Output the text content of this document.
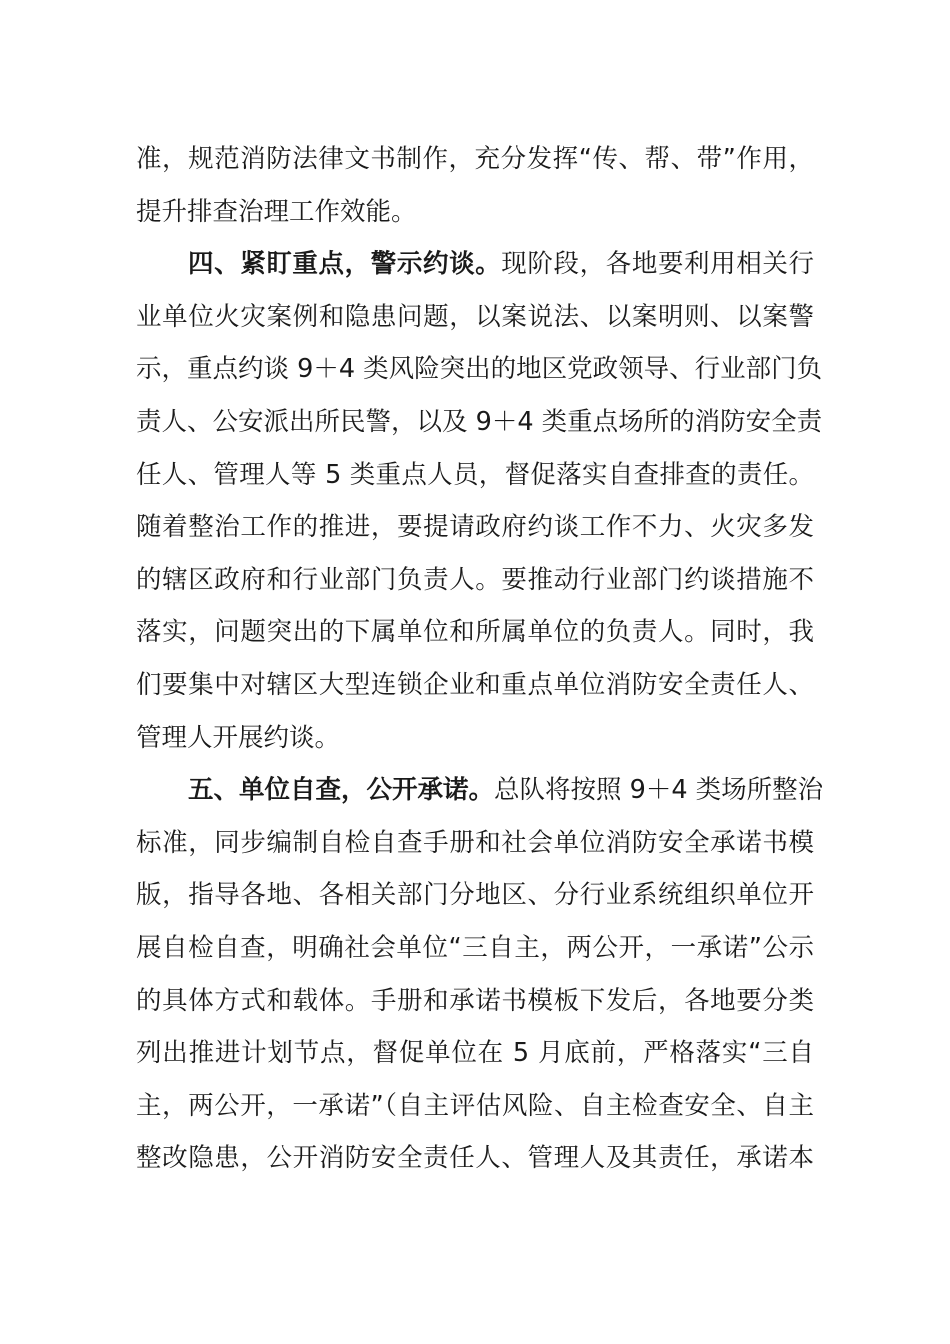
准，规范消防法律文书制作，充分发挥“传、帮、带”作用，
提升排查治理工作效能。
四、紧盯重点，警示约谈。现阶段，各地要利用相关行
业单位火灾案例和隐患问题，以案说法、以案明则、以案警
示，重点约谈 9＋4 类风险突出的地区党政领导、行业部门负
责人、公安派出所民警，以及 9＋4 类重点场所的消防安全责
任人、管理人等 5 类重点人员，督促落实自查排查的责任。
随着整治工作的推进，要提请政府约谈工作不力、火灾多发
的辖区政府和行业部门负责人。要推动行业部门约谈措施不
落实，问题突出的下属单位和所属单位的负责人。同时，我
们要集中对辖区大型连锁企业和重点单位消防安全责任人、
管理人开展约谈。
五、单位自查，公开承诺。总队将按照 9＋4 类场所整治
标准，同步编制自检自查手册和社会单位消防安全承诺书模
版，指导各地、各相关部门分地区、分行业系统组织单位开
展自检自查，明确社会单位“三自主，两公开，一承诺”公示
的具体方式和载体。手册和承诺书模板下发后，各地要分类
列出推进计划节点，督促单位在 5 月底前，严格落实“三自
主，两公开，一承诺”（自主评估风险、自主检查安全、自主
整改隐患，公开消防安全责任人、管理人及其责任，承诺本
